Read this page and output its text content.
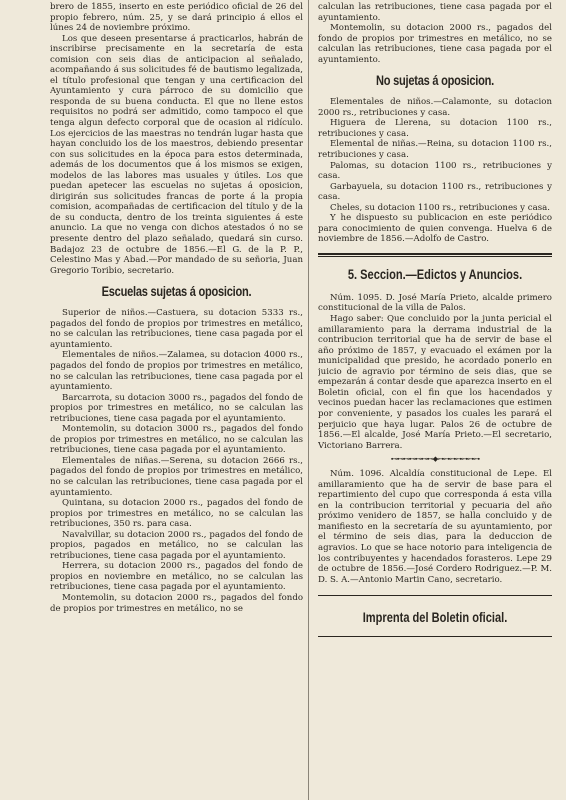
brero de 1855, inserto en este periódico oficial de 26 del propio febrero, núm. 25, y se dará principio á ellos el lúnes 24 de noviembre próximo.

Los que deseen presentarse á practicarlos, habrán de inscribirse precisamente en la secretaría de esta comision con seis dias de anticipacion al señalado, acompañando á sus solicitudes fé de bautismo legalizada, el título profesional que tengan y una certificacion del Ayuntamiento y cura párroco de su domicilio que responda de su buena conducta. El que no llene estos requisitos no podrá ser admitido, como tampoco el que tenga algun defecto corporal que de ocasion al ridículo. Los ejercicios de las maestras no tendrán lugar hasta que hayan concluido los de los maestros, debiendo presentar con sus solicitudes en la época para estos determinada, además de los documentos que á los mismos se exigen, modelos de las labores mas usuales y útiles. Los que puedan apetecer las escuelas no sujetas á oposicion, dirigirán sus solicitudes francas de porte á la propia comision, acompañadas de certificacion del título y de la de su conducta, dentro de los treinta siguientes á este anuncio. La que no venga con dichos atestados ó no se presente dentro del plazo señalado, quedará sin curso. Badajoz 23 de octubre de 1856.—El G. de la P. P., Celestino Mas y Abad.—Por mandado de su señoria, Juan Gregorio Toribio, secretario.

Escuelas sujetas á oposicion.

Superior de niños.—Castuera, su dotacion 5333 rs., pagados del fondo de propios por trimestres en metálico, no se calculan las retribuciones, tiene casa pagada por el ayuntamiento.

Elementales de niños.—Zalamea, su dotacion 4000 rs., pagados del fondo de propios por trimestres en metálico, no se calculan las retribuciones, tiene casa pagada por el ayuntamiento.

Barcarrota, su dotacion 3000 rs., pagados del fondo de propios por trimestres en metálico, no se calculan las retribuciones, tiene casa pagada por el ayuntamiento.

Montemolin, su dotacion 3000 rs., pagados del fondo de propios por trimestres en metálico, no se calculan las retribuciones, tiene casa pagada por el ayuntamiento.

Elementales de niñas.—Serena, su dotacion 2666 rs., pagados del fondo de propios por trimestres en metálico, no se calculan las retribuciones, tiene casa pagada por el ayuntamiento.

Quintana, su dotacion 2000 rs., pagados del fondo de propios por trimestres en metálico, no se calculan las retribuciones, 350 rs. para casa.

Navalvillar, su dotacion 2000 rs., pagados del fondo de propios, pagados en metálico, no se calculan las retribuciones, tiene casa pagada por el ayuntamiento.

Herrera, su dotacion 2000 rs., pagados del fondo de propios en noviembre en metálico, no se calculan las retribuciones, tiene casa pagada por el ayuntamiento.

Montemolin, su dotacion 2000 rs., pagados del fondo de propios por trimestres en metálico, no se

calculan las retribuciones, tiene casa pagada por el ayuntamiento.

Montemolin, su dotacion 2000 rs., pagados del fondo de propios por trimestres en metálico, no se calculan las retribuciones, tiene casa pagada por el ayuntamiento.

No sujetas á oposicion.

Elementales de niños.—Calamonte, su dotacion 2000 rs., retribuciones y casa.

Higuera de Llerena, su dotacion 1100 rs., retribuciones y casa.

Elemental de niñas.—Reina, su dotacion 1100 rs., retribuciones y casa.

Palomas, su dotacion 1100 rs., retribuciones y casa.

Garbayuela, su dotacion 1100 rs., retribuciones y casa.

Cheles, su dotacion 1100 rs., retribuciones y casa.

Y he dispuesto su publicacion en este periódico para conocimiento de quien convenga. Huelva 6 de noviembre de 1856.—Adolfo de Castro.

5. Seccion.—Edictos y Anuncios.

Núm. 1095. D. José María Prieto, alcalde primero constitucional de la villa de Palos.

Hago saber: Que concluido por la junta pericial el amillaramiento para la derrama industrial de la contribucion territorial que ha de servir de base el año próximo de 1857, y evacuado el exámen por la municipalidad que presido, he acordado ponerlo en juicio de agravio por término de seis dias, que se empezarán á contar desde que aparezca inserto en el Boletin oficial, con el fin que los hacendados y vecinos puedan hacer las reclamaciones que estimen por conveniente, y pasados los cuales les parará el perjuicio que haya lugar. Palos 26 de octubre de 1856.—El alcalde, José María Prieto.—El secretario, Victoriano Barrera.

⊷⊷⊷⊷⊷⊷⊷◆⊶⊶⊶⊶⊶⊶⊶

Núm. 1096. Alcaldía constitucional de Lepe. El amillaramiento que ha de servir de base para el repartimiento del cupo que corresponda á esta villa en la contribucion territorial y pecuaria del año próximo venidero de 1857, se halla concluido y de manifiesto en la secretaría de su ayuntamiento, por el término de seis dias, para la deduccion de agravios. Lo que se hace notorio para inteligencia de los contribuyentes y hacendados forasteros. Lepe 29 de octubre de 1856.—José Cordero Rodriguez.—P. M. D. S. A.—Antonio Martin Cano, secretario.

Imprenta del Boletin oficial.
